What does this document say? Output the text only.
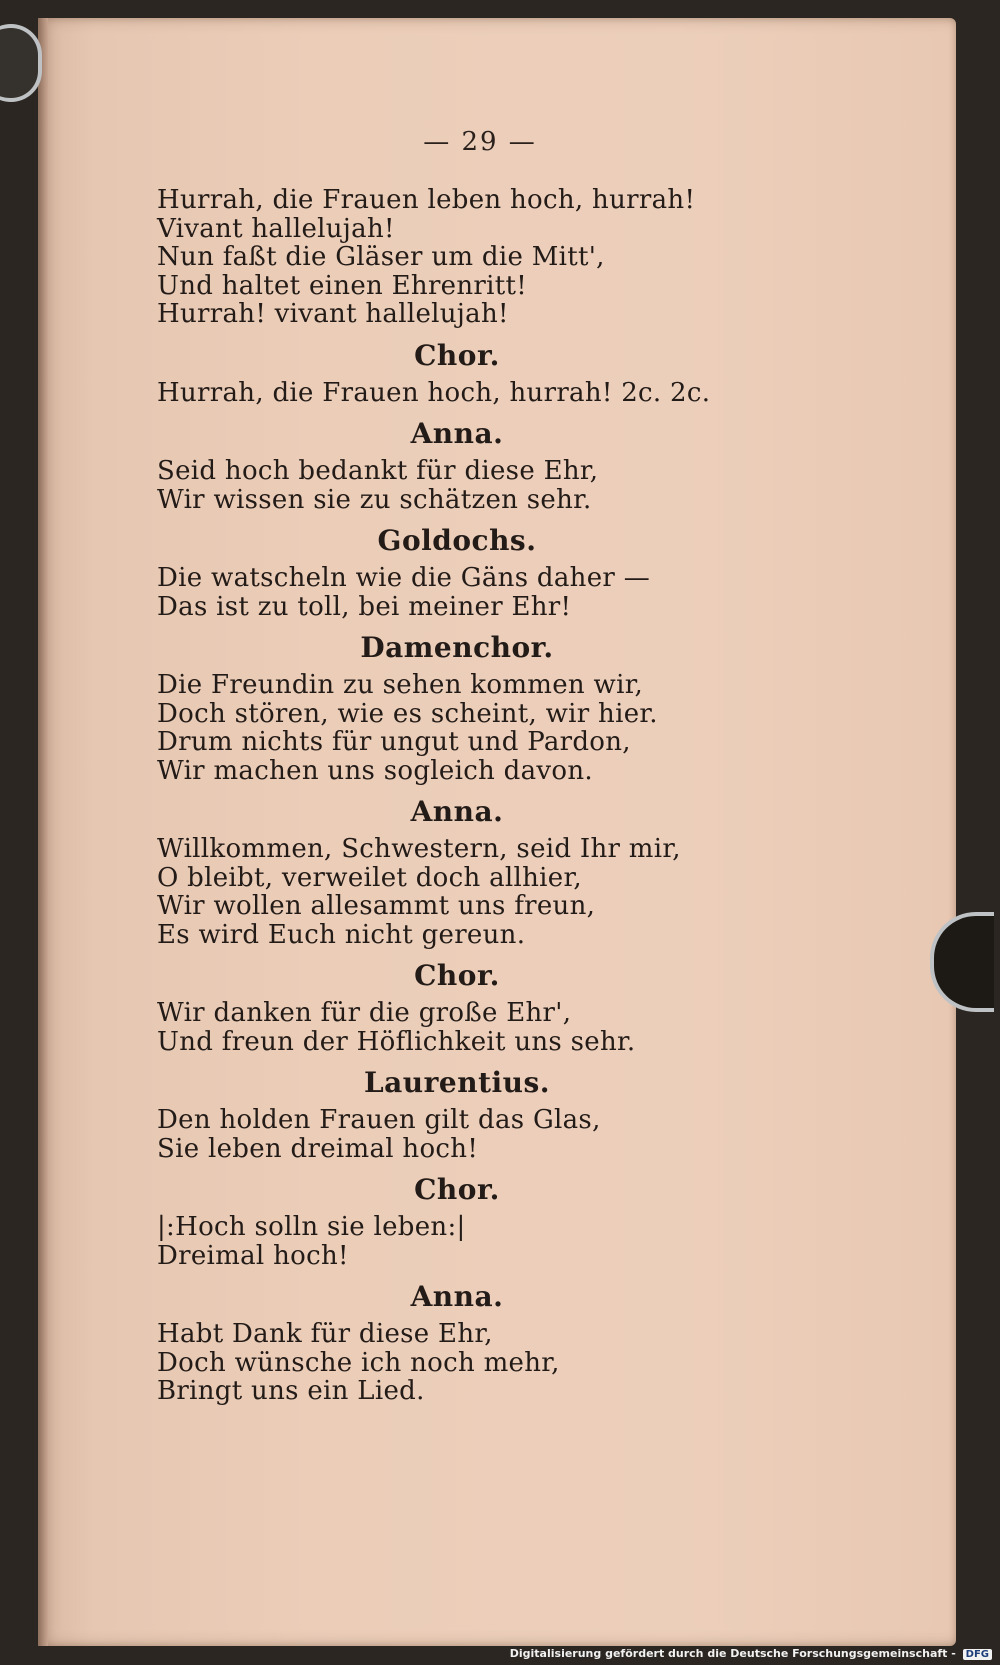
— 29 —
Hurrah, die Frauen leben hoch, hurrah!
Vivant hallelujah!
Nun faßt die Gläser um die Mitt',
Und haltet einen Ehrenritt!
Hurrah! vivant hallelujah!
Chor.
Hurrah, die Frauen hoch, hurrah! 2c. 2c.
Anna.
Seid hoch bedankt für diese Ehr,
Wir wissen sie zu schätzen sehr.
Goldochs.
Die watscheln wie die Gäns daher —
Das ist zu toll, bei meiner Ehr!
Damenchor.
Die Freundin zu sehen kommen wir,
Doch stören, wie es scheint, wir hier.
Drum nichts für ungut und Pardon,
Wir machen uns sogleich davon.
Anna.
Willkommen, Schwestern, seid Ihr mir,
O bleibt, verweilet doch allhier,
Wir wollen allesammt uns freun,
Es wird Euch nicht gereun.
Chor.
Wir danken für die große Ehr',
Und freun der Höflichkeit uns sehr.
Laurentius.
Den holden Frauen gilt das Glas,
Sie leben dreimal hoch!
Chor.
|:Hoch solln sie leben:|
Dreimal hoch!
Anna.
Habt Dank für diese Ehr,
Doch wünsche ich noch mehr,
Bringt uns ein Lied.
Digitalisierung gefördert durch die Deutsche Forschungsgemeinschaft - DFG
